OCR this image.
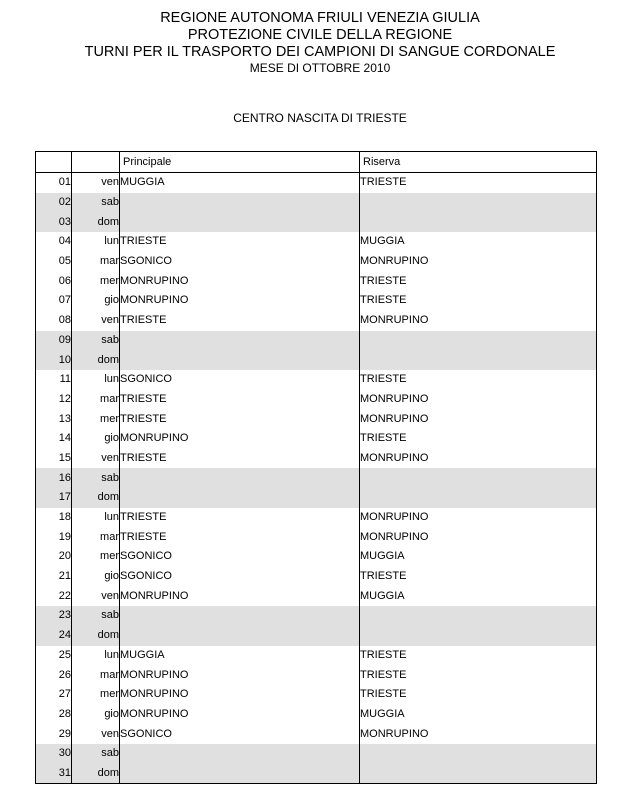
REGIONE AUTONOMA FRIULI VENEZIA GIULIA
PROTEZIONE CIVILE DELLA REGIONE
TURNI PER IL TRASPORTO DEI CAMPIONI DI SANGUE CORDONALE
MESE DI OTTOBRE 2010
CENTRO NASCITA DI TRIESTE
		Principale	Riserva
01	ven	MUGGIA	TRIESTE
02	sab		
03	dom		
04	lun	TRIESTE	MUGGIA
05	mar	SGONICO	MONRUPINO
06	mer	MONRUPINO	TRIESTE
07	gio	MONRUPINO	TRIESTE
08	ven	TRIESTE	MONRUPINO
09	sab		
10	dom		
11	lun	SGONICO	TRIESTE
12	mar	TRIESTE	MONRUPINO
13	mer	TRIESTE	MONRUPINO
14	gio	MONRUPINO	TRIESTE
15	ven	TRIESTE	MONRUPINO
16	sab		
17	dom		
18	lun	TRIESTE	MONRUPINO
19	mar	TRIESTE	MONRUPINO
20	mer	SGONICO	MUGGIA
21	gio	SGONICO	TRIESTE
22	ven	MONRUPINO	MUGGIA
23	sab		
24	dom		
25	lun	MUGGIA	TRIESTE
26	mar	MONRUPINO	TRIESTE
27	mer	MONRUPINO	TRIESTE
28	gio	MONRUPINO	MUGGIA
29	ven	SGONICO	MONRUPINO
30	sab		
31	dom		
